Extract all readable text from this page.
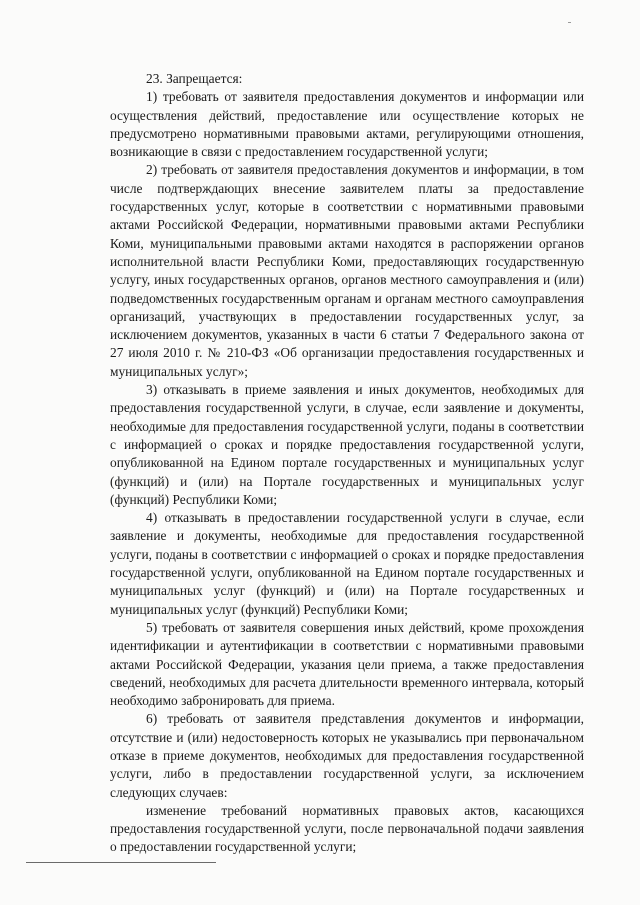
23. Запрещается:

1) требовать от заявителя предоставления документов и информации или осуществления действий, предоставление или осуществление которых не предусмотрено нормативными правовыми актами, регулирующими отношения, возникающие в связи с предоставлением государственной услуги;

2) требовать от заявителя предоставления документов и информации, в том числе подтверждающих внесение заявителем платы за предоставление государственных услуг, которые в соответствии с нормативными правовыми актами Российской Федерации, нормативными правовыми актами Республики Коми, муниципальными правовыми актами находятся в распоряжении органов исполнительной власти Республики Коми, предоставляющих государственную услугу, иных государственных органов, органов местного самоуправления и (или) подведомственных государственным органам и органам местного самоуправления организаций, участвующих в предоставлении государственных услуг, за исключением документов, указанных в части 6 статьи 7 Федерального закона от 27 июля 2010 г. № 210-ФЗ «Об организации предоставления государственных и муниципальных услуг»;

3) отказывать в приеме заявления и иных документов, необходимых для предоставления государственной услуги, в случае, если заявление и документы, необходимые для предоставления государственной услуги, поданы в соответствии с информацией о сроках и порядке предоставления государственной услуги, опубликованной на Едином портале государственных и муниципальных услуг (функций) и (или) на Портале государственных и муниципальных услуг (функций) Республики Коми;

4) отказывать в предоставлении государственной услуги в случае, если заявление и документы, необходимые для предоставления государственной услуги, поданы в соответствии с информацией о сроках и порядке предоставления государственной услуги, опубликованной на Едином портале государственных и муниципальных услуг (функций) и (или) на Портале государственных и муниципальных услуг (функций) Республики Коми;

5) требовать от заявителя совершения иных действий, кроме прохождения идентификации и аутентификации в соответствии с нормативными правовыми актами Российской Федерации, указания цели приема, а также предоставления сведений, необходимых для расчета длительности временного интервала, который необходимо забронировать для приема.

6) требовать от заявителя представления документов и информации, отсутствие и (или) недостоверность которых не указывались при первоначальном отказе в приеме документов, необходимых для предоставления государственной услуги, либо в предоставлении государственной услуги, за исключением следующих случаев:

изменение требований нормативных правовых актов, касающихся предоставления государственной услуги, после первоначальной подачи заявления о предоставлении государственной услуги;
